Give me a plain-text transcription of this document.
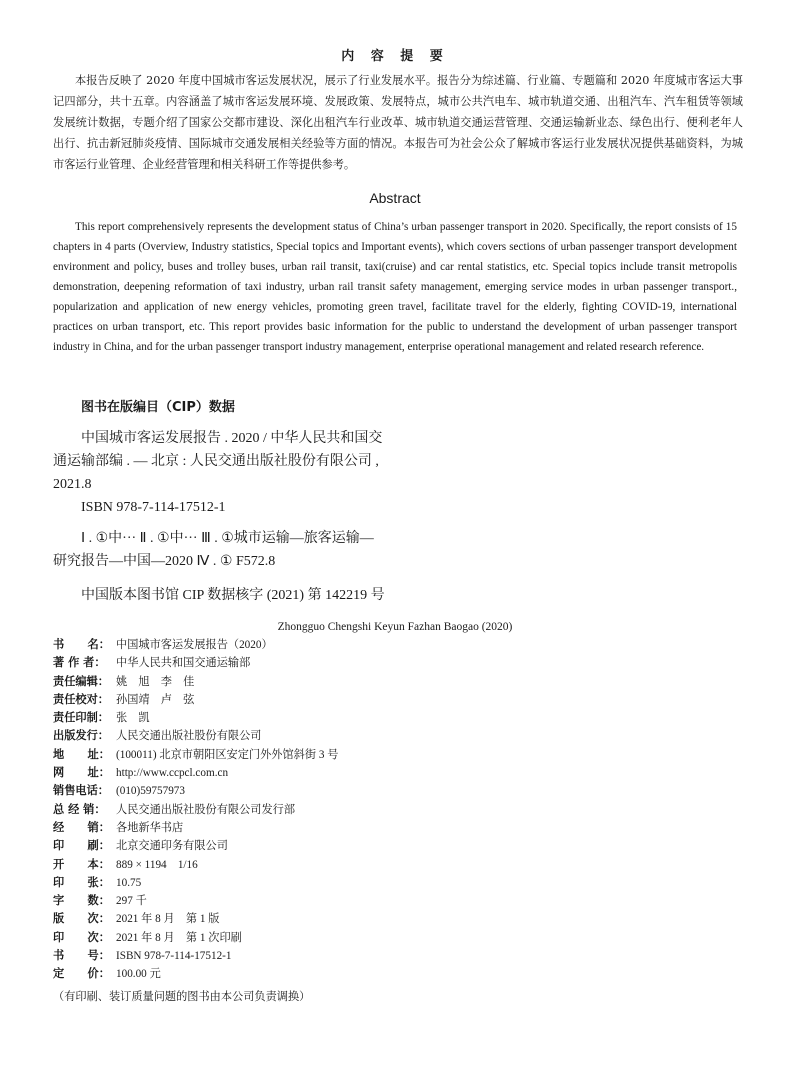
内 容 提 要
本报告反映了 2020 年度中国城市客运发展状况，展示了行业发展水平。报告分为综述篇、行业篇、专题篇和 2020 年度城市客运大事记四部分，共十五章。内容涵盖了城市客运发展环境、发展政策、发展特点，城市公共汽电车、城市轨道交通、出租汽车、汽车租赁等领域发展统计数据，专题介绍了国家公交都市建设、深化出租汽车行业改革、城市轨道交通运营管理、交通运输新业态、绿色出行、便利老年人出行、抗击新冠肺炎疫情、国际城市交通发展相关经验等方面的情况。本报告可为社会公众了解城市客运行业发展状况提供基础资料，为城市客运行业管理、企业经营管理和相关科研工作等提供参考。
Abstract
This report comprehensively represents the development status of China’s urban passenger transport in 2020. Specifically, the report consists of 15 chapters in 4 parts (Overview, Industry statistics, Special topics and Important events), which covers sections of urban passenger transport development environment and policy, buses and trolley buses, urban rail transit, taxi(cruise) and car rental statistics, etc. Special topics include transit metropolis demonstration, deepening reformation of taxi industry, urban rail transit safety management, emerging service modes in urban passenger transport., popularization and application of new energy vehicles, promoting green travel, facilitate travel for the elderly, fighting COVID-19, international practices on urban transport, etc. This report provides basic information for the public to understand the development of urban passenger transport industry in China, and for the urban passenger transport industry management, enterprise operational management and related research reference.
图书在版编目（CIP）数据
中国城市客运发展报告 . 2020 / 中华人民共和国交
通运输部编 . — 北京 : 人民交通出版社股份有限公司 ,
2021.8
ISBN 978-7-114-17512-1
Ⅰ . ①中··· Ⅱ . ①中··· Ⅲ . ①城市运输—旅客运输—
研究报告—中国—2020 Ⅳ . ① F572.8
中国版本图书馆 CIP 数据核字 (2021) 第 142219 号
Zhongguo Chengshi Keyun Fazhan Baogao (2020)
书      名： 中国城市客运发展报告（2020）
著 作 者： 中华人民共和国交通运输部
责任编辑： 姚    旭    李    佳
责任校对： 孙国靖    卢    弦
责任印制： 张    凯
出版发行： 人民交通出版社股份有限公司
地      址： (100011) 北京市朝阳区安定门外外馆斜街 3 号
网      址： http://www.ccpcl.com.cn
销售电话： (010)59757973
总 经 销： 人民交通出版社股份有限公司发行部
经      销： 各地新华书店
印      刷： 北京交通印务有限公司
开      本： 889 × 1194    1/16
印      张： 10.75
字      数： 297 千
版      次： 2021 年 8 月    第 1 版
印      次： 2021 年 8 月    第 1 次印刷
书      号： ISBN 978-7-114-17512-1
定      价： 100.00 元
（有印刷、装订质量问题的图书由本公司负责调换）
